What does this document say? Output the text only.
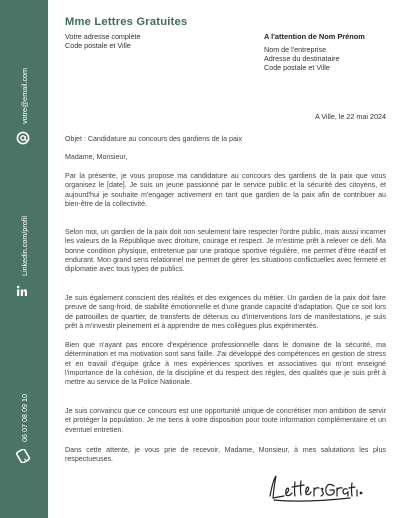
votre@email.com
Linkedin.com/profil
06 07 08 09 10
Mme Lettres Gratuites
Votre adresse complète
Code postale et Ville
A l'attention de Nom Prénom
Nom de l'entreprise
Adresse du destinataire
Code postale et Ville
A Ville, le 22 mai 2024

Objet : Candidature au concours des gardiens de la paix

Madame, Monsieur,

Par la présente, je vous propose ma candidature au concours des gardiens de la paix que vous organisez le [date]. Je suis un jeune passionné par le service public et la sécurité des citoyens, et aujourd'hui je souhaite m'engager activement en tant que gardien de la paix afin de contribuer au bien-être de la collectivité.

Selon moi, un gardien de la paix doit non seulement faire respecter l'ordre public, mais aussi incarner les valeurs de la République avec droiture, courage et respect. Je m'estime prêt à relever ce défi. Ma bonne condition physique, entretenue par une pratique sportive régulière, me permet d'être réactif et endurant. Mon grand sens relationnel me permet de gérer les situations conflictuelles avec fermeté et diplomatie avec tous types de publics.

Je suis également conscient des réalités et des exigences du métier. Un gardien de la paix doit faire preuve de sang-froid, de stabilité émotionnelle et d'une grande capacité d'adaptation. Que ce soit lors de patrouilles de quartier, de transferts de détenus ou d'interventions lors de manifestations, je suis prêt à m'investir pleinement et à apprendre de mes collègues plus expérimentés.

Bien que n'ayant pas encore d'expérience professionnelle dans le domaine de la sécurité, ma détermination et ma motivation sont sans faille. J'ai développé des compétences en gestion de stress et en travail d'équipe grâce à mes expériences sportives et associatives qui m'ont enseigné l'importance de la cohésion, de la discipline et du respect des règles, des qualités que je suis prêt à mettre au service de la Police Nationale.

Je suis convaincu que ce concours est une opportunité unique de concrétiser mon ambition de servir et protéger la population. Je me tiens à votre disposition pour toute information complémentaire et un éventuel entretien.

Dans cette attente, je vous prie de recevoir, Madame, Monsieur, à mes salutations les plus respectueuses.
